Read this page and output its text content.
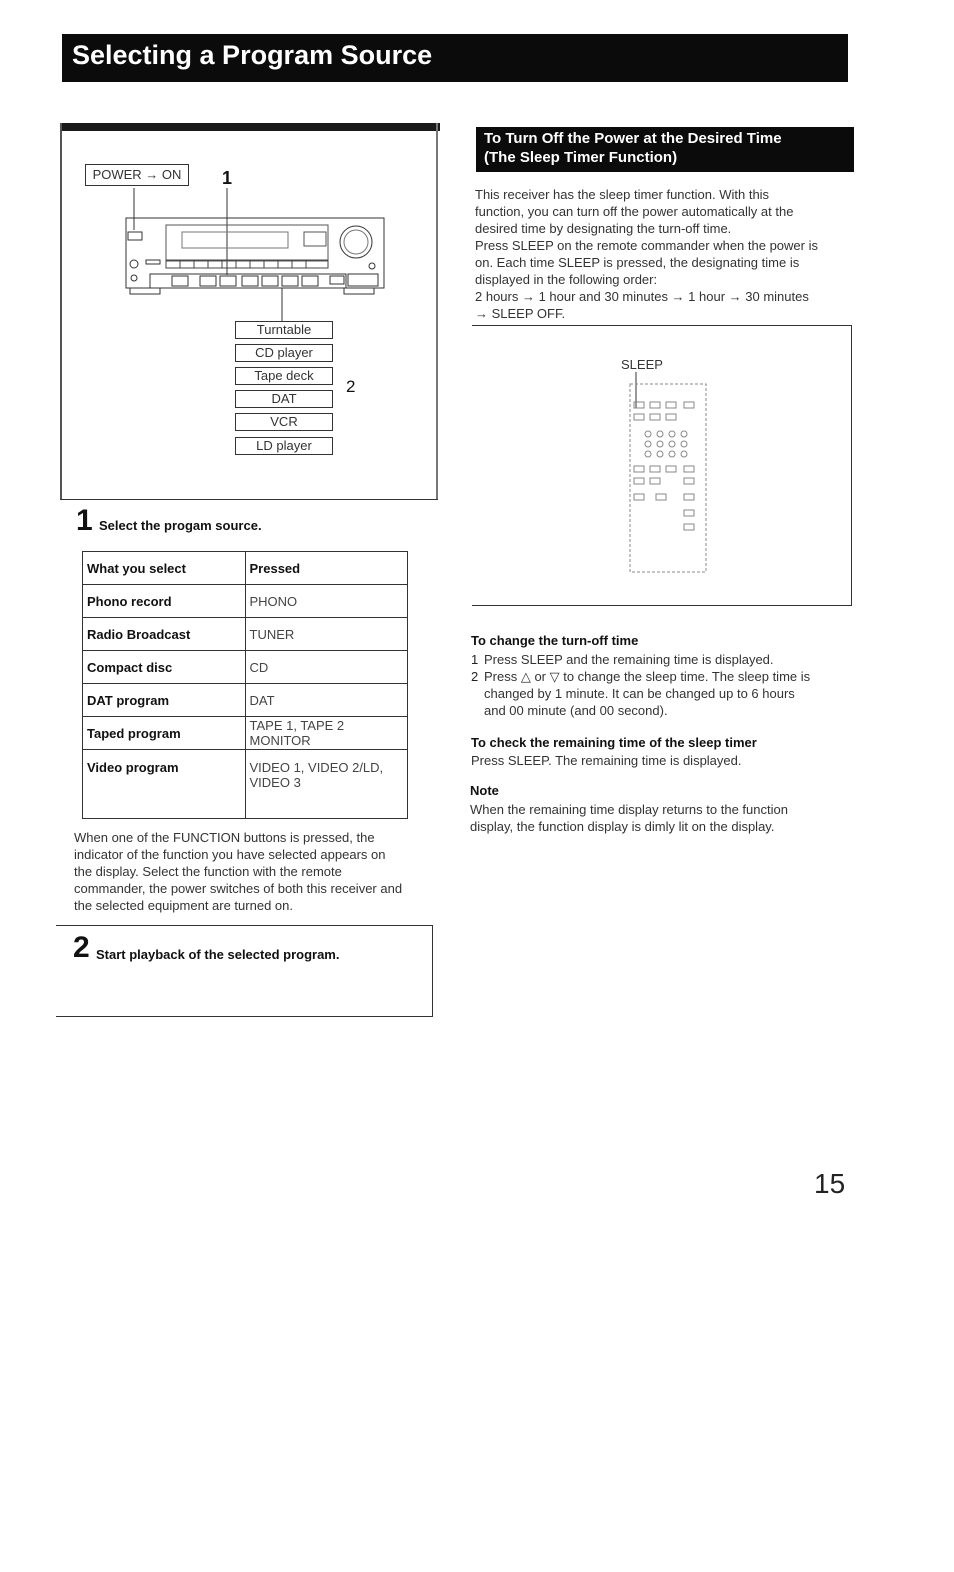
Selecting a Program Source
POWER → ON	1
Turntable
CD player
Tape deck
DAT
VCR
LD player
2
1 Select the progam source.
What you select	Pressed
Phono record	PHONO
Radio Broadcast	TUNER
Compact disc	CD
DAT program	DAT
Taped program	TAPE 1, TAPE 2 MONITOR
Video program	VIDEO 1, VIDEO 2/LD,
VIDEO 3
When one of the FUNCTION buttons is pressed, the
indicator of the function you have selected appears on
the display. Select the function with the remote
commander, the power switches of both this receiver and
the selected equipment are turned on.
2 Start playback of the selected program.
To Turn Off the Power at the Desired Time
(The Sleep Timer Function)
This receiver has the sleep timer function. With this
function, you can turn off the power automatically at the
desired time by designating the turn-off time.
Press SLEEP on the remote commander when the power is
on. Each time SLEEP is pressed, the designating time is
displayed in the following order:
2 hours → 1 hour and 30 minutes → 1 hour → 30 minutes
→ SLEEP OFF.
SLEEP
To change the turn-off time
1 Press SLEEP and the remaining time is displayed.
2 Press △ or ▽ to change the sleep time. The sleep time is
changed by 1 minute. It can be changed up to 6 hours
and 00 minute (and 00 second).
To check the remaining time of the sleep timer
Press SLEEP. The remaining time is displayed.
Note
When the remaining time display returns to the function
display, the function display is dimly lit on the display.
15
